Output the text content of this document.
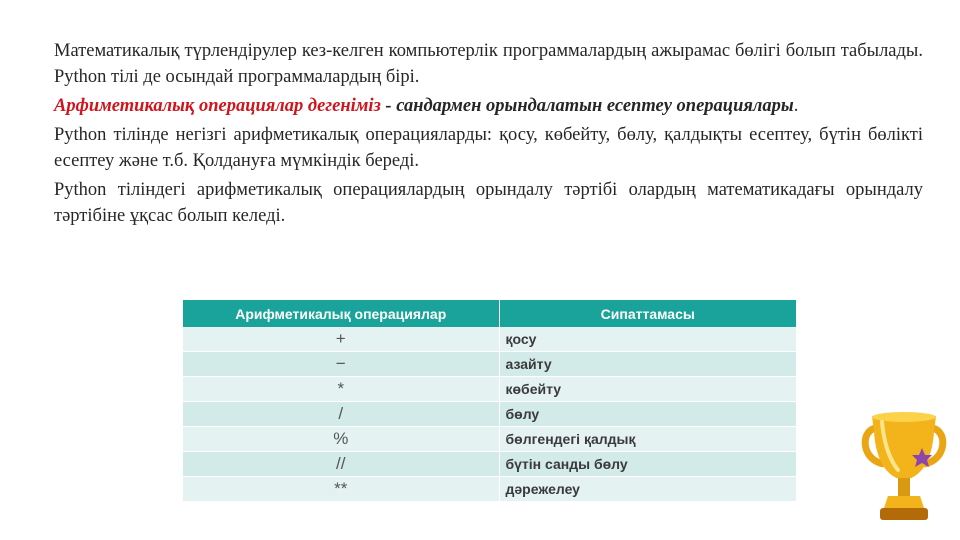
Математикалық түрлендірулер кез-келген компьютерлік программалардың ажырамас бөлігі болып табылады. Python тілі де осындай программалардың бірі.

Арфиметикалық операциялар дегеніміз - сандармен орындалатын есептеу операциялары.

Python тілінде негізгі арифметикалық операцияларды: қосу, көбейту, бөлу, қалдықты есептеу, бүтін бөлікті есептеу және т.б. Қолдануға мүмкіндік береді.

Python тіліндегі арифметикалық операциялардың орындалу тәртібі олардың математикадағы орындалу тәртібіне ұқсас болып келеді.

Арифметикалық операциялар	Сипаттамасы
+	қосу
−	азайту
*	көбейту
/	бөлу
%	бөлгендегі қалдық
//	бүтін санды бөлу
**	дәрежелеу
